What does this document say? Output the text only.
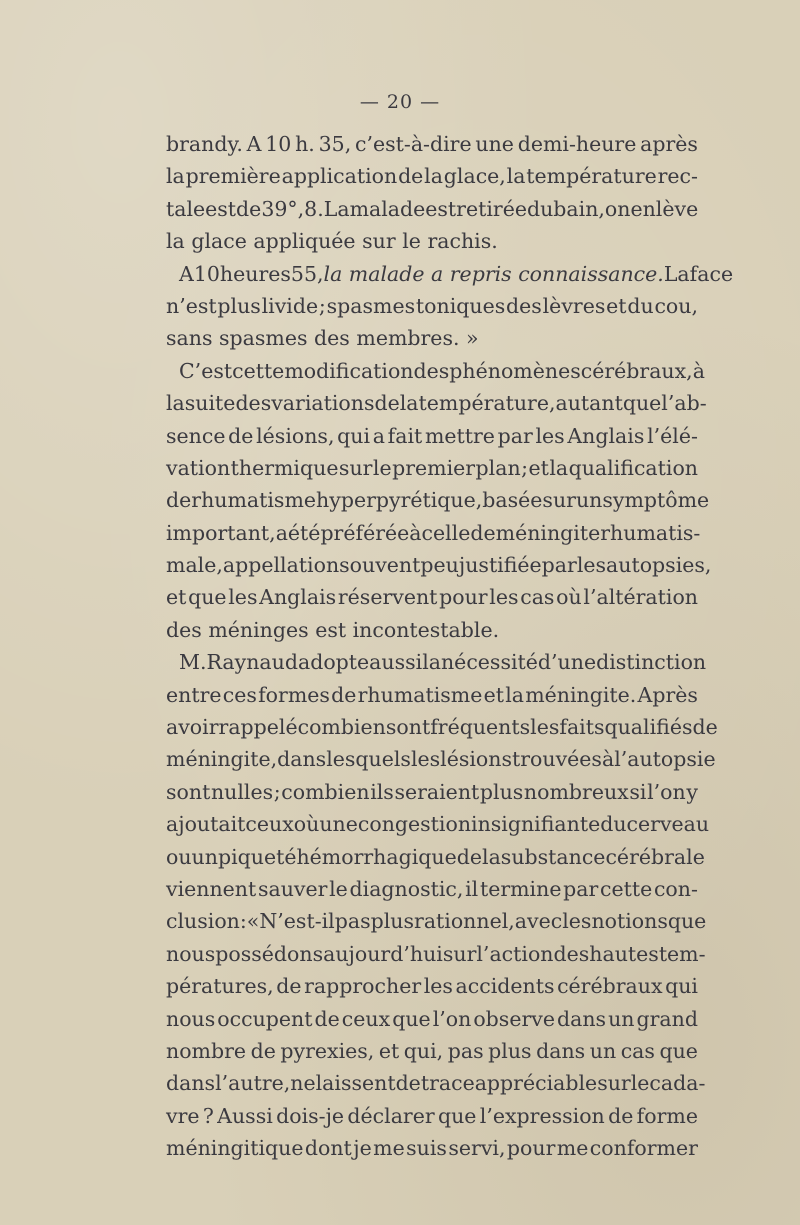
— 20 —
brandy. A 10 h. 35, c’est-à-dire une demi-heure après
la première application de la glace, la température rec-
tale est de 39°,8. La malade est retirée du bain, on enlève
la glace appliquée sur le rachis.
A 10 heures 55, la malade a repris connaissance. La face
n’est plus livide ; spasmes toniques des lèvres et du cou,
sans spasmes des membres. »
C’est cette modification des phénomènes cérébraux, à
la suite des variations de la température, autant que l’ab-
sence de lésions, qui a fait mettre par les Anglais l’élé-
vation thermique sur le premier plan ; et la qualification
de rhumatisme hyperpyrétique, basée sur un symptôme
important, a été préférée à celle de méningite rhumatis-
male, appellation souvent peu justifiée par les autopsies,
et que les Anglais réservent pour les cas où l’altération
des méninges est incontestable.
M. Raynaud adopte aussi la nécessité d’une distinction
entre ces formes de rhumatisme et la méningite. Après
avoir rappelé combien sont fréquents les faits qualifiés de
méningite, dans lesquels les lésions trouvées à l’autopsie
sont nulles ; combien ils seraient plus nombreux si l’on y
ajoutait ceux où une congestion insignifiante du cerveau
ou un piqueté hémorrhagique de la substance cérébrale
viennent sauver le diagnostic, il termine par cette con-
clusion : « N’est-il pas plus rationnel, avec les notions que
nous possédons aujourd’hui sur l’action des hautes tem-
pératures, de rapprocher les accidents cérébraux qui
nous occupent de ceux que l’on observe dans un grand
nombre de pyrexies, et qui, pas plus dans un cas que
dans l’autre, ne laissent de trace appréciable sur le cada-
vre ? Aussi dois-je déclarer que l’expression de forme
méningitique dont je me suis servi, pour me conformer
